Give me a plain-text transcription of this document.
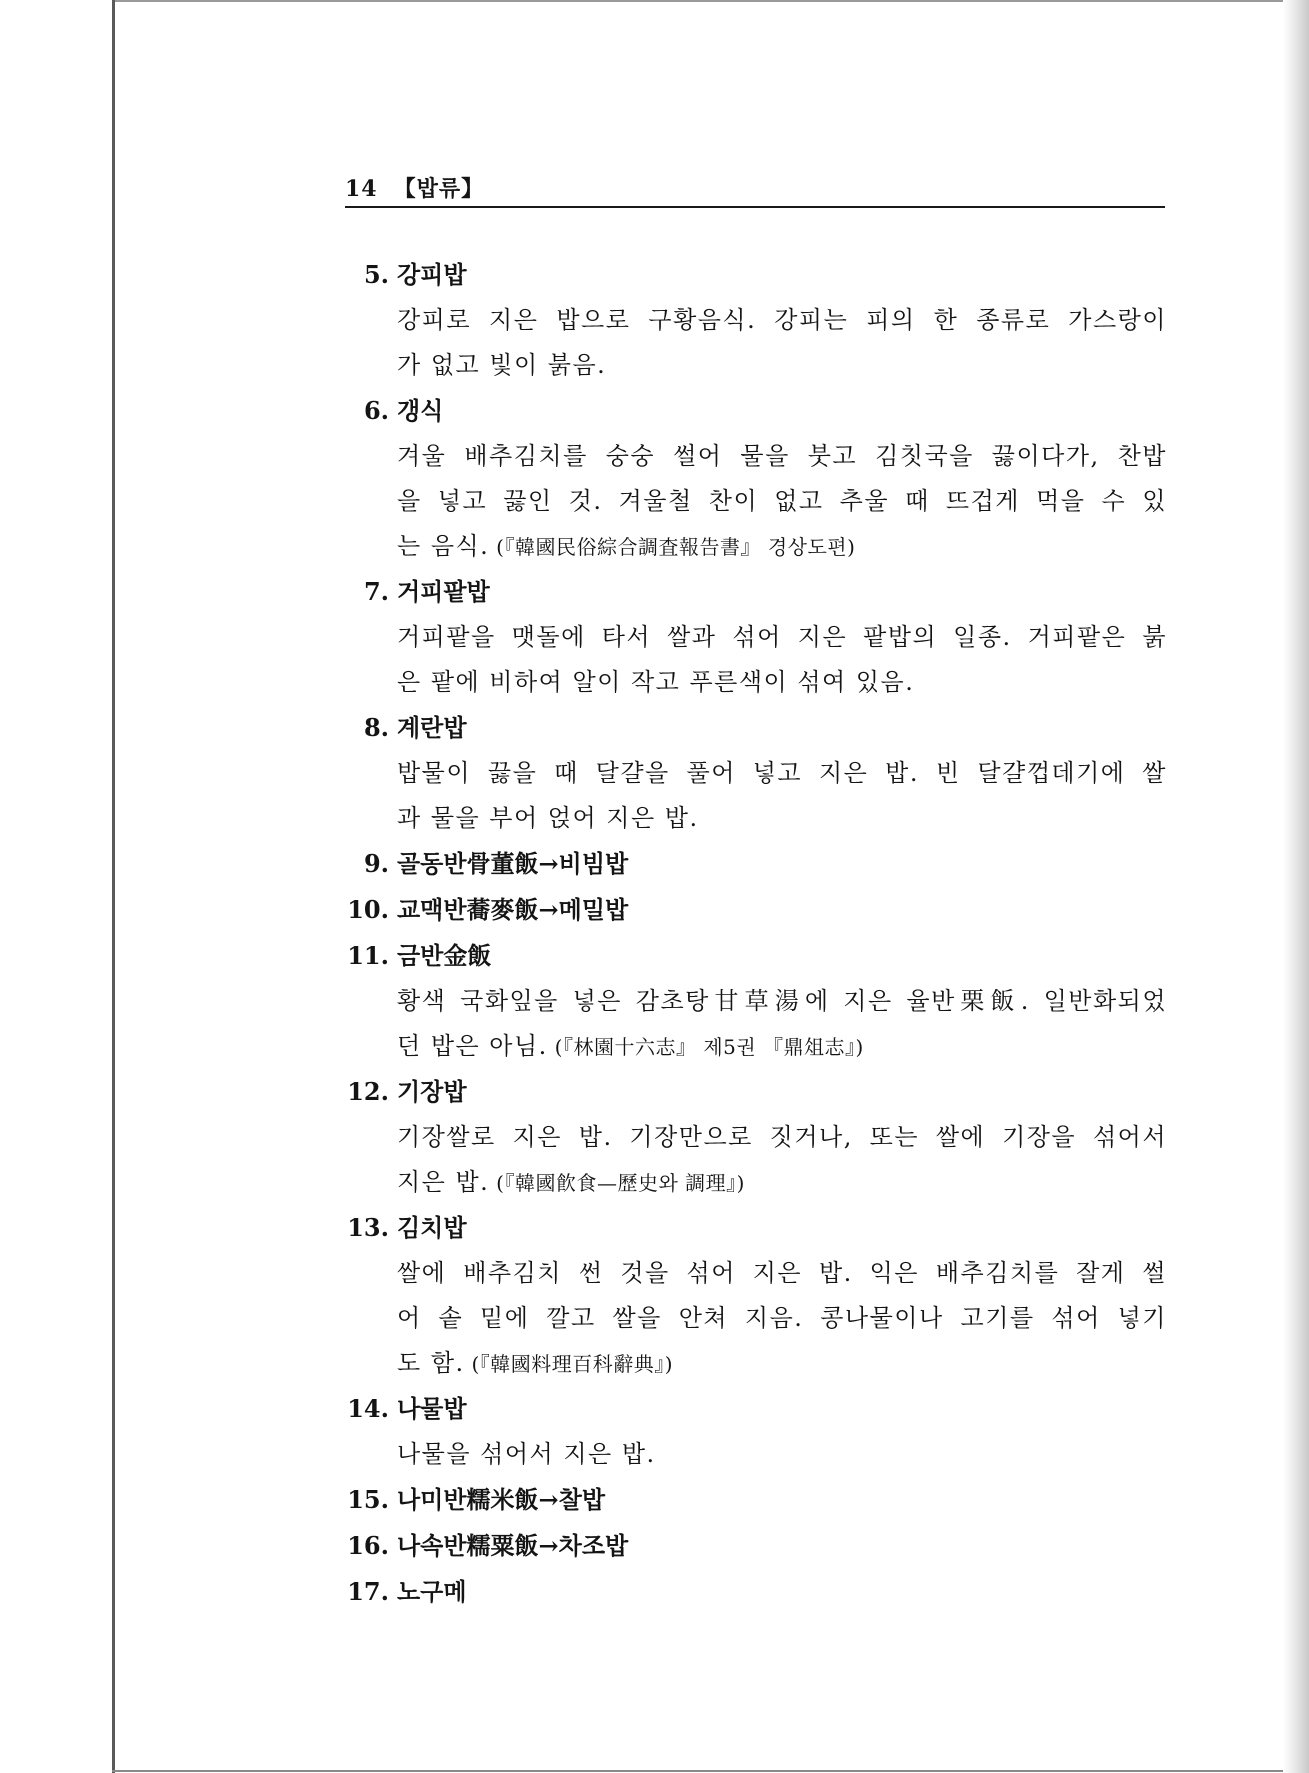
14 【밥류】
5. 강피밥
강피로 지은 밥으로 구황음식. 강피는 피의 한 종류로 가스랑이
가 없고 빛이 붉음.
6. 갱식
겨울 배추김치를 숭숭 썰어 물을 붓고 김칫국을 끓이다가, 찬밥
을 넣고 끓인 것. 겨울철 찬이 없고 추울 때 뜨겁게 먹을 수 있
는 음식. (『韓國民俗綜合調査報告書』 경상도편)
7. 거피팥밥
거피팥을 맷돌에 타서 쌀과 섞어 지은 팥밥의 일종. 거피팥은 붉
은 팥에 비하여 알이 작고 푸른색이 섞여 있음.
8. 계란밥
밥물이 끓을 때 달걀을 풀어 넣고 지은 밥. 빈 달걀껍데기에 쌀
과 물을 부어 얹어 지은 밥.
9. 골동반骨董飯→비빔밥
10. 교맥반蕎麥飯→메밀밥
11. 금반金飯
황색 국화잎을 넣은 감초탕甘草湯에 지은 율반栗飯. 일반화되었
던 밥은 아님. (『林園十六志』 제5권 『鼎俎志』)
12. 기장밥
기장쌀로 지은 밥. 기장만으로 짓거나, 또는 쌀에 기장을 섞어서
지은 밥. (『韓國飮食—歷史와 調理』)
13. 김치밥
쌀에 배추김치 썬 것을 섞어 지은 밥. 익은 배추김치를 잘게 썰
어 솥 밑에 깔고 쌀을 안쳐 지음. 콩나물이나 고기를 섞어 넣기
도 함. (『韓國料理百科辭典』)
14. 나물밥
나물을 섞어서 지은 밥.
15. 나미반糯米飯→찰밥
16. 나속반糯粟飯→차조밥
17. 노구메
